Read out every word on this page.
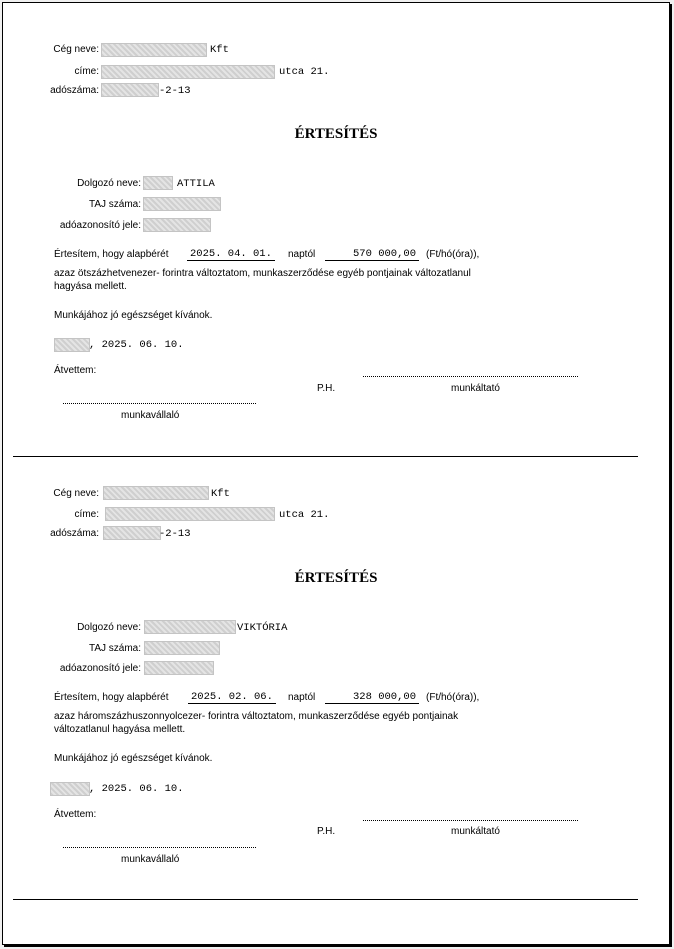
Cég neve:	Kft
címe:	utca 21.
adószáma:	-2-13
ÉRTESÍTÉS
Dolgozó neve:	ATTILA
TAJ száma:
adóazonosító jele:
Értesítem, hogy alapbérét 2025. 04. 01.	naptól	570 000,00 (Ft/hó(óra)),
azaz ötszázhetvenezer- forintra változtatom, munkaszerződése egyéb pontjainak változatlanul
hagyása mellett.
Munkájához jó egészséget kívánok.
, 2025. 06. 10.
Átvettem:
P.H.	munkáltató
munkavállaló
Cég neve:	Kft
címe:	utca 21.
adószáma:	-2-13
ÉRTESÍTÉS
Dolgozó neve:	VIKTÓRIA
TAJ száma:
adóazonosító jele:
Értesítem, hogy alapbérét 2025. 02. 06.	naptól	328 000,00 (Ft/hó(óra)),
azaz háromszázhuszonnyolcezer- forintra változtatom, munkaszerződése egyéb pontjainak
változatlanul hagyása mellett.
Munkájához jó egészséget kívánok.
, 2025. 06. 10.
Átvettem:
P.H.	munkáltató
munkavállaló
